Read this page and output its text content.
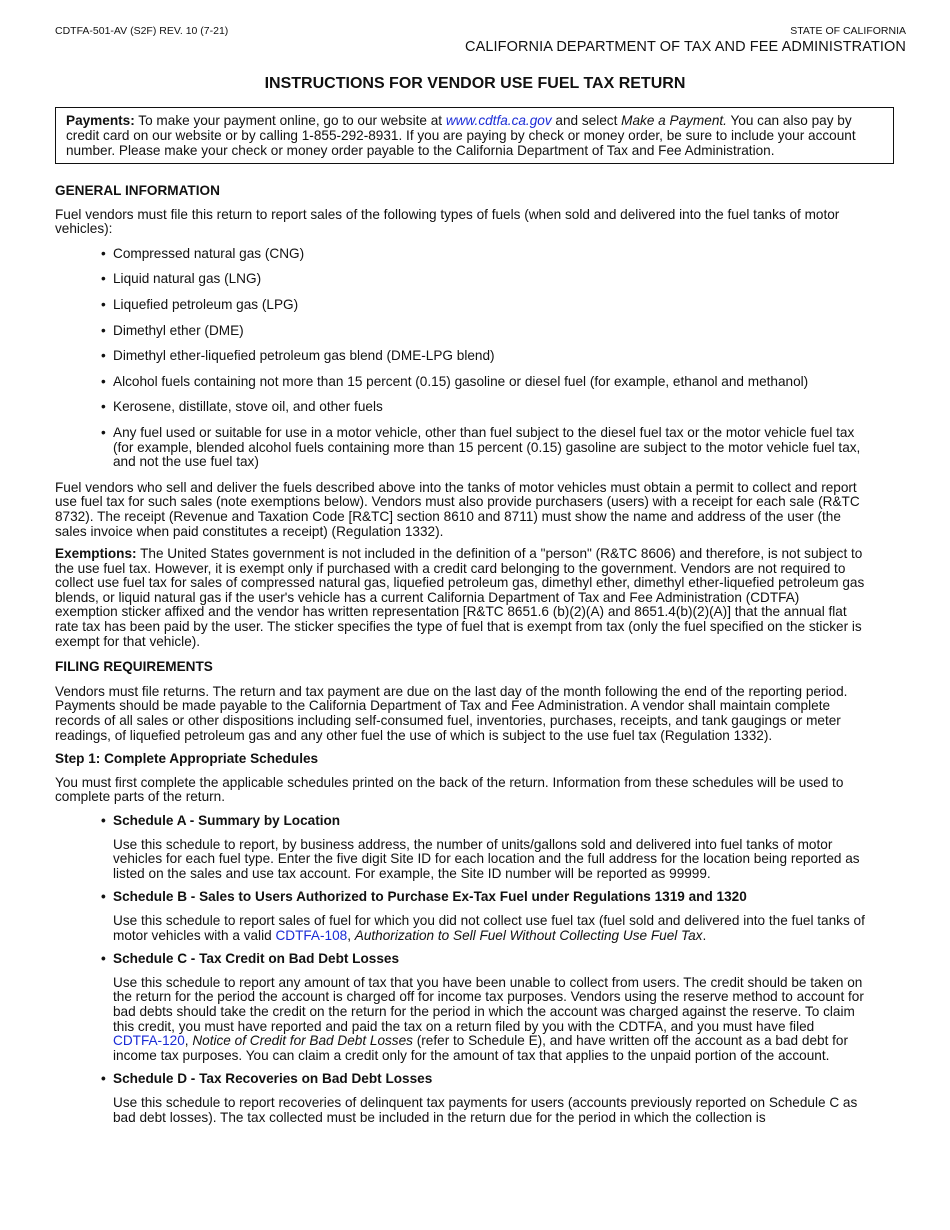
CDTFA-501-AV (S2F) REV. 10 (7-21)	STATE OF CALIFORNIA
CALIFORNIA DEPARTMENT OF TAX AND FEE ADMINISTRATION
INSTRUCTIONS FOR VENDOR USE FUEL TAX RETURN
Payments: To make your payment online, go to our website at www.cdtfa.ca.gov and select Make a Payment. You can also pay by credit card on our website or by calling 1-855-292-8931. If you are paying by check or money order, be sure to include your account number. Please make your check or money order payable to the California Department of Tax and Fee Administration.

GENERAL INFORMATION

Fuel vendors must file this return to report sales of the following types of fuels (when sold and delivered into the fuel tanks of motor vehicles):

• Compressed natural gas (CNG)
• Liquid natural gas (LNG)
• Liquefied petroleum gas (LPG)
• Dimethyl ether (DME)
• Dimethyl ether-liquefied petroleum gas blend (DME-LPG blend)
• Alcohol fuels containing not more than 15 percent (0.15) gasoline or diesel fuel (for example, ethanol and methanol)
• Kerosene, distillate, stove oil, and other fuels
• Any fuel used or suitable for use in a motor vehicle, other than fuel subject to the diesel fuel tax or the motor vehicle fuel tax (for example, blended alcohol fuels containing more than 15 percent (0.15) gasoline are subject to the motor vehicle fuel tax, and not the use fuel tax)

Fuel vendors who sell and deliver the fuels described above into the tanks of motor vehicles must obtain a permit to collect and report use fuel tax for such sales (note exemptions below). Vendors must also provide purchasers (users) with a receipt for each sale (R&TC 8732). The receipt (Revenue and Taxation Code [R&TC] section 8610 and 8711) must show the name and address of the user (the sales invoice when paid constitutes a receipt) (Regulation 1332).

Exemptions: The United States government is not included in the definition of a "person" (R&TC 8606) and therefore, is not subject to the use fuel tax. However, it is exempt only if purchased with a credit card belonging to the government. Vendors are not required to collect use fuel tax for sales of compressed natural gas, liquefied petroleum gas, dimethyl ether, dimethyl ether-liquefied petroleum gas blends, or liquid natural gas if the user's vehicle has a current California Department of Tax and Fee Administration (CDTFA) exemption sticker affixed and the vendor has written representation [R&TC 8651.6 (b)(2)(A) and 8651.4(b)(2)(A)] that the annual flat rate tax has been paid by the user. The sticker specifies the type of fuel that is exempt from tax (only the fuel specified on the sticker is exempt for that vehicle).

FILING REQUIREMENTS

Vendors must file returns. The return and tax payment are due on the last day of the month following the end of the reporting period. Payments should be made payable to the California Department of Tax and Fee Administration. A vendor shall maintain complete records of all sales or other dispositions including self-consumed fuel, inventories, purchases, receipts, and tank gaugings or meter readings, of liquefied petroleum gas and any other fuel the use of which is subject to the use fuel tax (Regulation 1332).

Step 1: Complete Appropriate Schedules

You must first complete the applicable schedules printed on the back of the return. Information from these schedules will be used to complete parts of the return.

• Schedule A - Summary by Location

Use this schedule to report, by business address, the number of units/gallons sold and delivered into fuel tanks of motor vehicles for each fuel type. Enter the five digit Site ID for each location and the full address for the location being reported as listed on the sales and use tax account. For example, the Site ID number will be reported as 99999.

• Schedule B - Sales to Users Authorized to Purchase Ex-Tax Fuel under Regulations 1319 and 1320

Use this schedule to report sales of fuel for which you did not collect use fuel tax (fuel sold and delivered into the fuel tanks of motor vehicles with a valid CDTFA-108, Authorization to Sell Fuel Without Collecting Use Fuel Tax.

• Schedule C - Tax Credit on Bad Debt Losses

Use this schedule to report any amount of tax that you have been unable to collect from users. The credit should be taken on the return for the period the account is charged off for income tax purposes. Vendors using the reserve method to account for bad debts should take the credit on the return for the period in which the account was charged against the reserve. To claim this credit, you must have reported and paid the tax on a return filed by you with the CDTFA, and you must have filed CDTFA-120, Notice of Credit for Bad Debt Losses (refer to Schedule E), and have written off the account as a bad debt for income tax purposes. You can claim a credit only for the amount of tax that applies to the unpaid portion of the account.

• Schedule D - Tax Recoveries on Bad Debt Losses

Use this schedule to report recoveries of delinquent tax payments for users (accounts previously reported on Schedule C as bad debt losses). The tax collected must be included in the return due for the period in which the collection is
